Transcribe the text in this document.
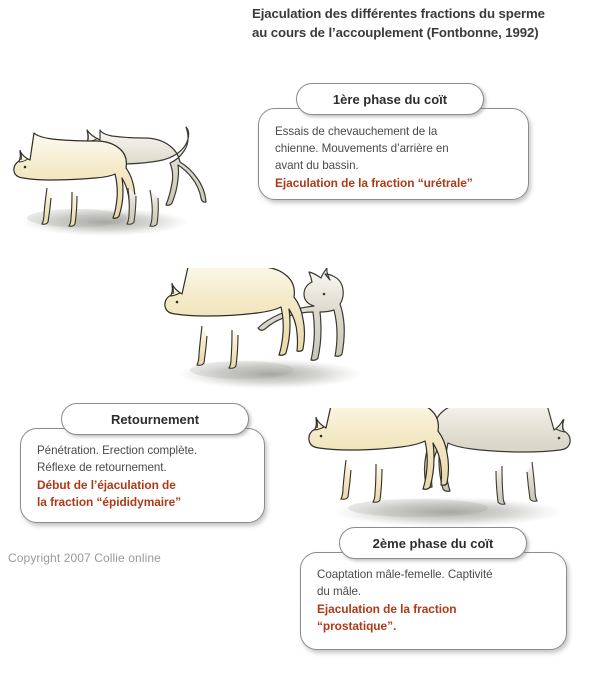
Ejaculation des différentes fractions du sperme
au cours de l’accouplement (Fontbonne, 1992)
1ère phase du coït
Essais de chevauchement de la
chienne. Mouvements d’arrière en
avant du bassin.
Ejaculation de la fraction “urétrale”
Retournement
Pénétration. Erection complète.
Réflexe de retournement.
Début de l’éjaculation de
la fraction “épididymaire”
2ème phase du coït
Coaptation mâle-femelle. Captivité
du mâle.
Ejaculation de la fraction
“prostatique”.
Copyright 2007 Collie online
